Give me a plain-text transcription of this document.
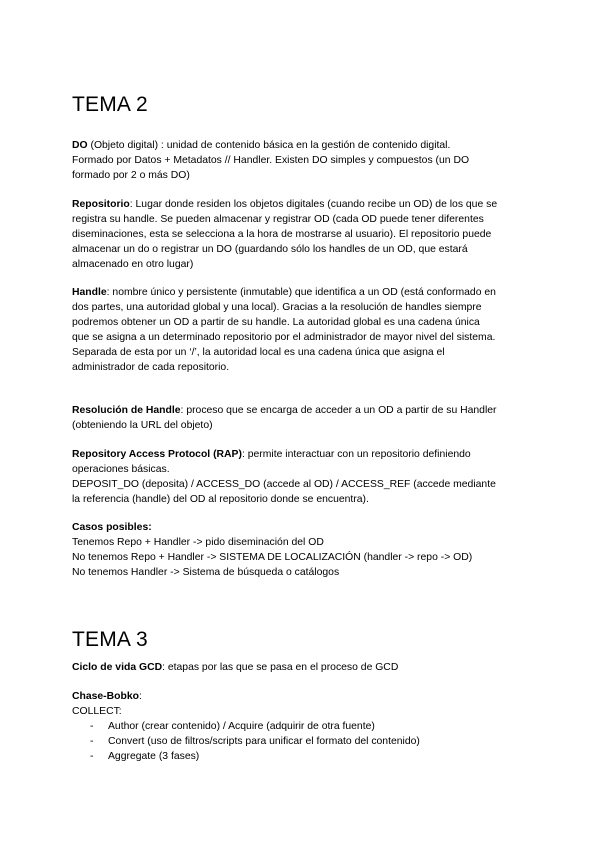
TEMA 2

DO (Objeto digital) : unidad de contenido básica en la gestión de contenido digital.
Formado por Datos + Metadatos // Handler. Existen DO simples y compuestos (un DO
formado por 2 o más DO)

Repositorio: Lugar donde residen los objetos digitales (cuando recibe un OD) de los que se
registra su handle. Se pueden almacenar y registrar OD (cada OD puede tener diferentes
diseminaciones, esta se selecciona a la hora de mostrarse al usuario). El repositorio puede
almacenar un do o registrar un DO (guardando sólo los handles de un OD, que estará
almacenado en otro lugar)

Handle: nombre único y persistente (inmutable) que identifica a un OD (está conformado en
dos partes, una autoridad global y una local). Gracias a la resolución de handles siempre
podremos obtener un OD a partir de su handle. La autoridad global es una cadena única
que se asigna a un determinado repositorio por el administrador de mayor nivel del sistema.
Separada de esta por un ‘/’, la autoridad local es una cadena única que asigna el
administrador de cada repositorio.

Resolución de Handle: proceso que se encarga de acceder a un OD a partir de su Handler
(obteniendo la URL del objeto)

Repository Access Protocol (RAP): permite interactuar con un repositorio definiendo
operaciones básicas.
DEPOSIT_DO (deposita) / ACCESS_DO (accede al OD) / ACCESS_REF (accede mediante
la referencia (handle) del OD al repositorio donde se encuentra).

Casos posibles:
Tenemos Repo + Handler -> pido diseminación del OD
No tenemos Repo + Handler -> SISTEMA DE LOCALIZACIÓN (handler -> repo -> OD)
No tenemos Handler -> Sistema de búsqueda o catálogos

TEMA 3

Ciclo de vida GCD: etapas por las que se pasa en el proceso de GCD

Chase-Bobko:
COLLECT:
- Author (crear contenido) / Acquire (adquirir de otra fuente)
- Convert (uso de filtros/scripts para unificar el formato del contenido)
- Aggregate (3 fases)
